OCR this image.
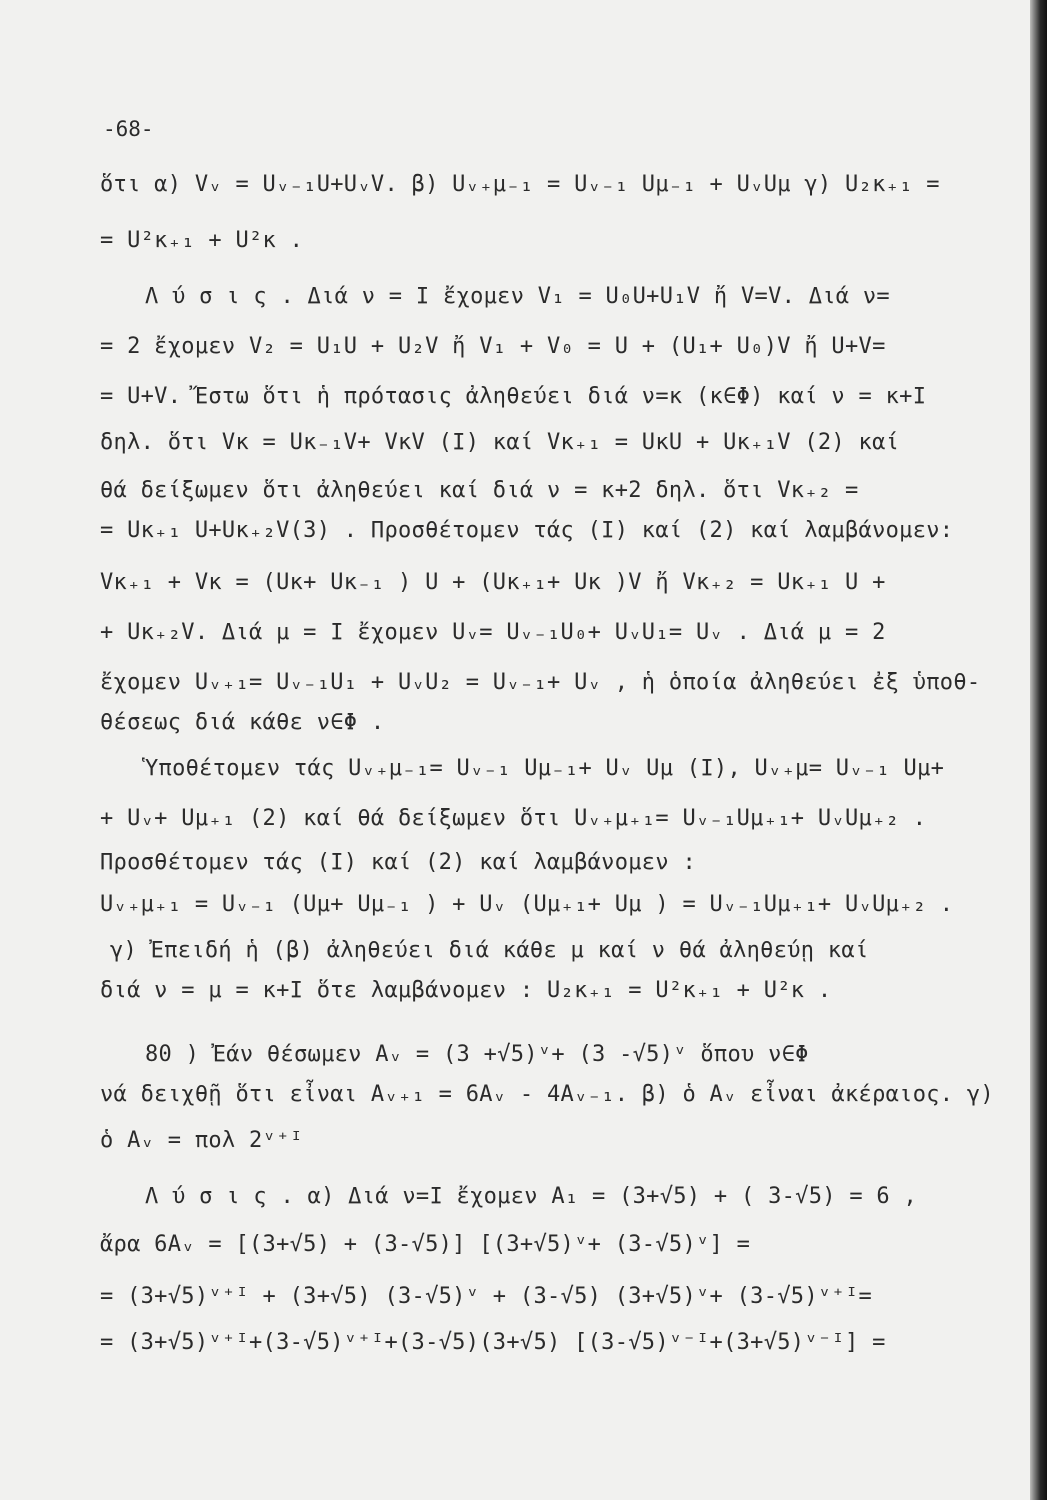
-68-
ὅτι α) Vᵥ = Uᵥ₋₁U+UᵥV. β) Uᵥ₊μ₋₁ = Uᵥ₋₁ Uμ₋₁ + UᵥUμ γ) U₂κ₊₁ =
= U²κ₊₁ + U²κ .
Λ ύ σ ι ς . Διά ν = Ι ἔχομεν V₁ = U₀U+U₁V ἤ V=V. Διά ν=
= 2 ἔχομεν V₂ = U₁U + U₂V ἤ V₁ + V₀ = U + (U₁+ U₀)V ἤ U+V=
= U+V. Ἔστω ὅτι ἡ πρότασις ἀληθεύει διά ν=κ (κ∈Φ) καί ν = κ+Ι
δηλ. ὅτι Vκ = Uκ₋₁V+ VκV (Ι) καί Vκ₊₁ = UκU + Uκ₊₁V (2) καί
θά δείξωμεν ὅτι ἀληθεύει καί διά ν = κ+2 δηλ. ὅτι Vκ₊₂ =
= Uκ₊₁ U+Uκ₊₂V(3) . Προσθέτομεν τάς (Ι) καί (2) καί λαμβάνομεν:
Vκ₊₁ + Vκ = (Uκ+ Uκ₋₁ ) U + (Uκ₊₁+ Uκ )V ἤ Vκ₊₂ = Uκ₊₁ U +
+ Uκ₊₂V. Διά μ = Ι ἔχομεν Uᵥ= Uᵥ₋₁U₀+ UᵥU₁= Uᵥ . Διά μ = 2
ἔχομεν Uᵥ₊₁= Uᵥ₋₁U₁ + UᵥU₂ = Uᵥ₋₁+ Uᵥ , ἡ ὁποία ἀληθεύει ἐξ ὑποθ-
θέσεως διά κάθε ν∈Φ .
Ὑποθέτομεν τάς Uᵥ₊μ₋₁= Uᵥ₋₁ Uμ₋₁+ Uᵥ Uμ (Ι), Uᵥ₊μ= Uᵥ₋₁ Uμ+
+ Uᵥ+ Uμ₊₁ (2) καί θά δείξωμεν ὅτι Uᵥ₊μ₊₁= Uᵥ₋₁Uμ₊₁+ UᵥUμ₊₂ .
Προσθέτομεν τάς (Ι) καί (2) καί λαμβάνομεν :
Uᵥ₊μ₊₁ = Uᵥ₋₁ (Uμ+ Uμ₋₁ ) + Uᵥ (Uμ₊₁+ Uμ ) = Uᵥ₋₁Uμ₊₁+ UᵥUμ₊₂ .
γ) Ἐπειδή ἡ (β) ἀληθεύει διά κάθε μ καί ν θά ἀληθεύῃ καί
διά ν = μ = κ+Ι ὅτε λαμβάνομεν : U₂κ₊₁ = U²κ₊₁ + U²κ .
80 ) Ἐάν θέσωμεν Aᵥ = (3 +√5)ᵛ+ (3 -√5)ᵛ ὅπου ν∈Φ
νά δειχθῇ ὅτι εἶναι Aᵥ₊₁ = 6Aᵥ - 4Aᵥ₋₁. β) ὁ Aᵥ εἶναι ἀκέραιος. γ)
ὁ Aᵥ = πολ 2ᵛ⁺ᴵ
Λ ύ σ ι ς . α) Διά ν=Ι ἔχομεν A₁ = (3+√5) + ( 3-√5) = 6 ,
ἄρα 6Aᵥ = [(3+√5) + (3-√5)] [(3+√5)ᵛ+ (3-√5)ᵛ] =
= (3+√5)ᵛ⁺ᴵ + (3+√5) (3-√5)ᵛ + (3-√5) (3+√5)ᵛ+ (3-√5)ᵛ⁺ᴵ=
= (3+√5)ᵛ⁺ᴵ+(3-√5)ᵛ⁺ᴵ+(3-√5)(3+√5) [(3-√5)ᵛ⁻ᴵ+(3+√5)ᵛ⁻ᴵ] =
